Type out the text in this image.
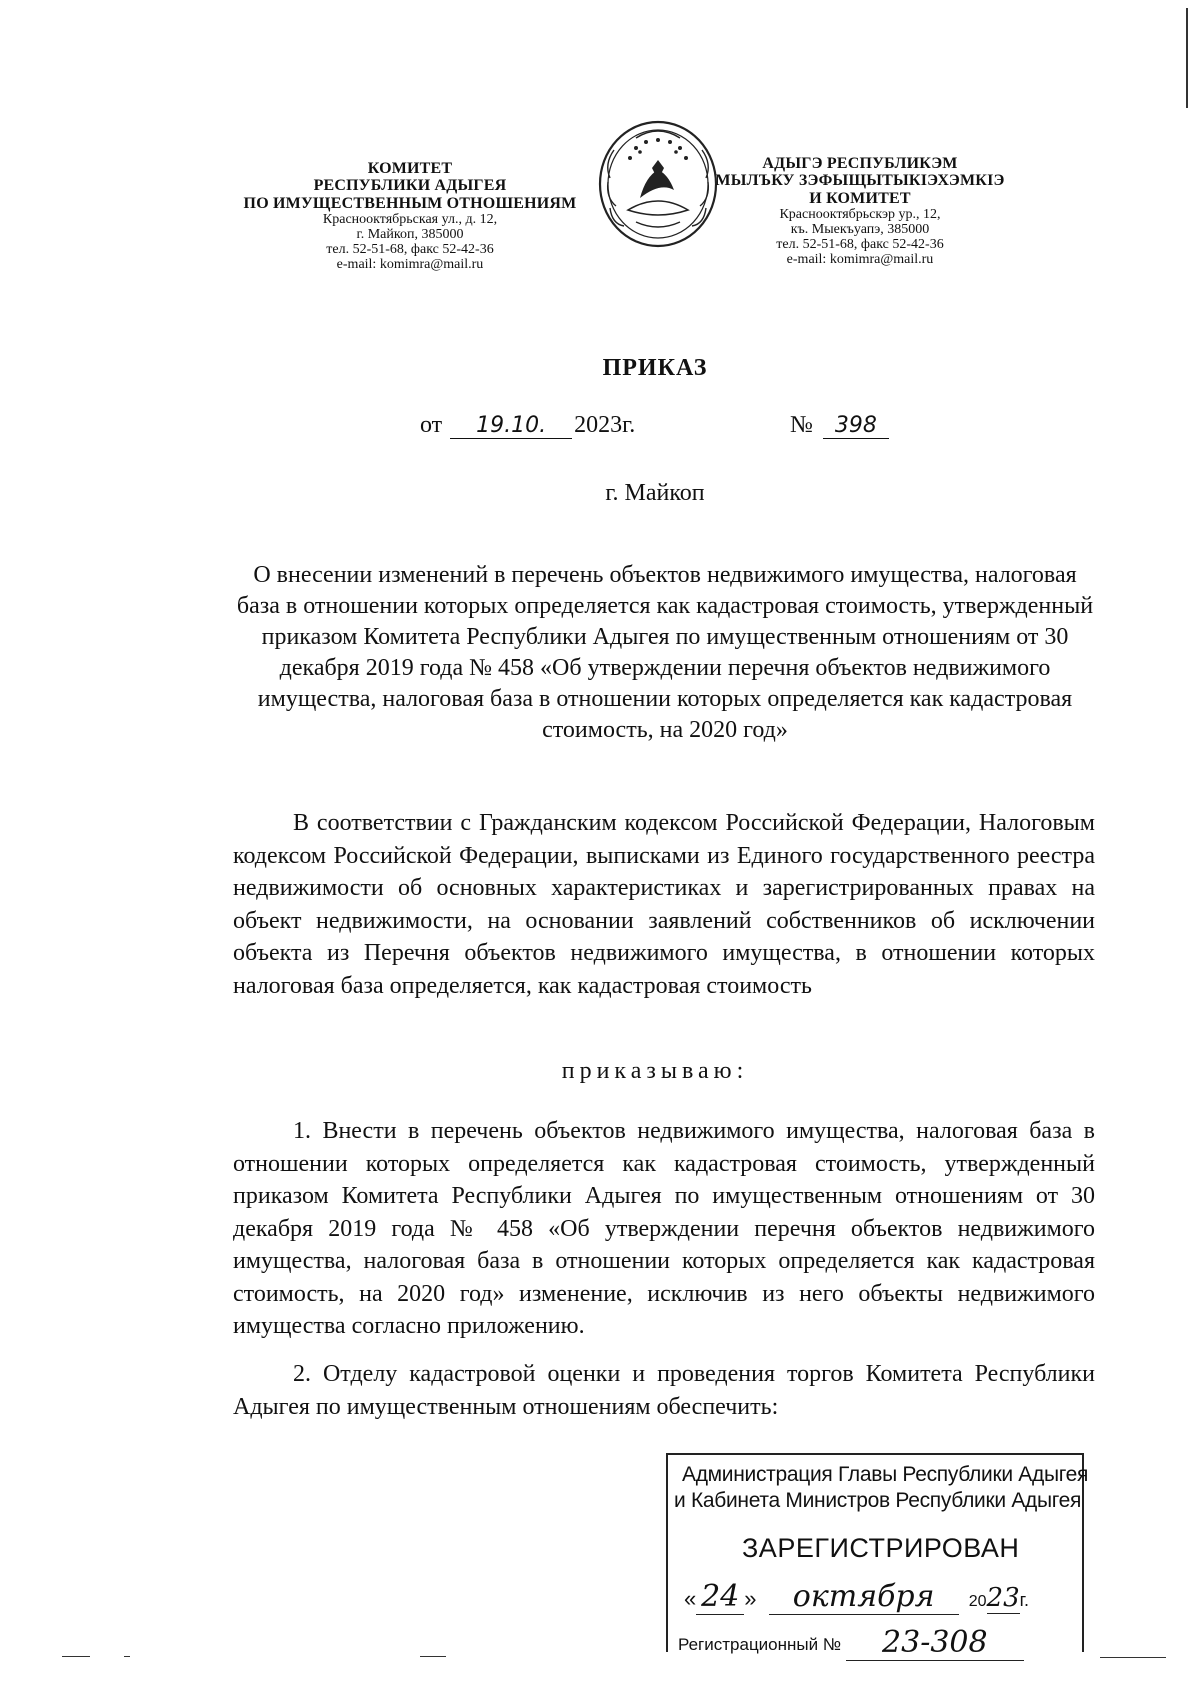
КОМИТЕТ
РЕСПУБЛИКИ АДЫГЕЯ
ПО ИМУЩЕСТВЕННЫМ ОТНОШЕНИЯМ
Краснооктябрьская ул., д. 12,
г. Майкоп, 385000
тел. 52-51-68, факс 52-42-36
e-mail: komimra@mail.ru
АДЫГЭ РЕСПУБЛИКЭМ
МЫЛЪКУ ЗЭФЫЩЫТЫКIЭХЭМКIЭ
И КОМИТЕТ
Краснооктябрьскэр ур., 12,
къ. Мыекъуапэ, 385000
тел. 52-51-68, факс 52-42-36
e-mail: komimra@mail.ru
ПРИКАЗ
от 19.10. 2023г.	№ 398
г. Майкоп
О внесении изменений в перечень объектов недвижимого имущества, налоговая база в отношении которых определяется как кадастровая стоимость, утвержденный приказом Комитета Республики Адыгея по имущественным отношениям от 30 декабря 2019 года № 458 «Об утверждении перечня объектов недвижимого имущества, налоговая база в отношении которых определяется как кадастровая стоимость, на 2020 год»
В соответствии с Гражданским кодексом Российской Федерации, Налоговым кодексом Российской Федерации, выписками из Единого государственного реестра недвижимости об основных характеристиках и зарегистрированных правах на объект недвижимости, на основании заявлений собственников об исключении объекта из Перечня объектов недвижимого имущества, в отношении которых налоговая база определяется, как кадастровая стоимость
приказываю:
1. Внести в перечень объектов недвижимого имущества, налоговая база в отношении которых определяется как кадастровая стоимость, утвержденный приказом Комитета Республики Адыгея по имущественным отношениям от 30 декабря 2019 года № 458 «Об утверждении перечня объектов недвижимого имущества, налоговая база в отношении которых определяется как кадастровая стоимость, на 2020 год» изменение, исключив из него объекты недвижимого имущества согласно приложению.
2. Отделу кадастровой оценки и проведения торгов Комитета Республики Адыгея по имущественным отношениям обеспечить:
Администрация Главы Республики Адыгея
и Кабинета Министров Республики Адыгея
ЗАРЕГИСТРИРОВАН
« 24 » октября 2023г.
Регистрационный № 23-308
